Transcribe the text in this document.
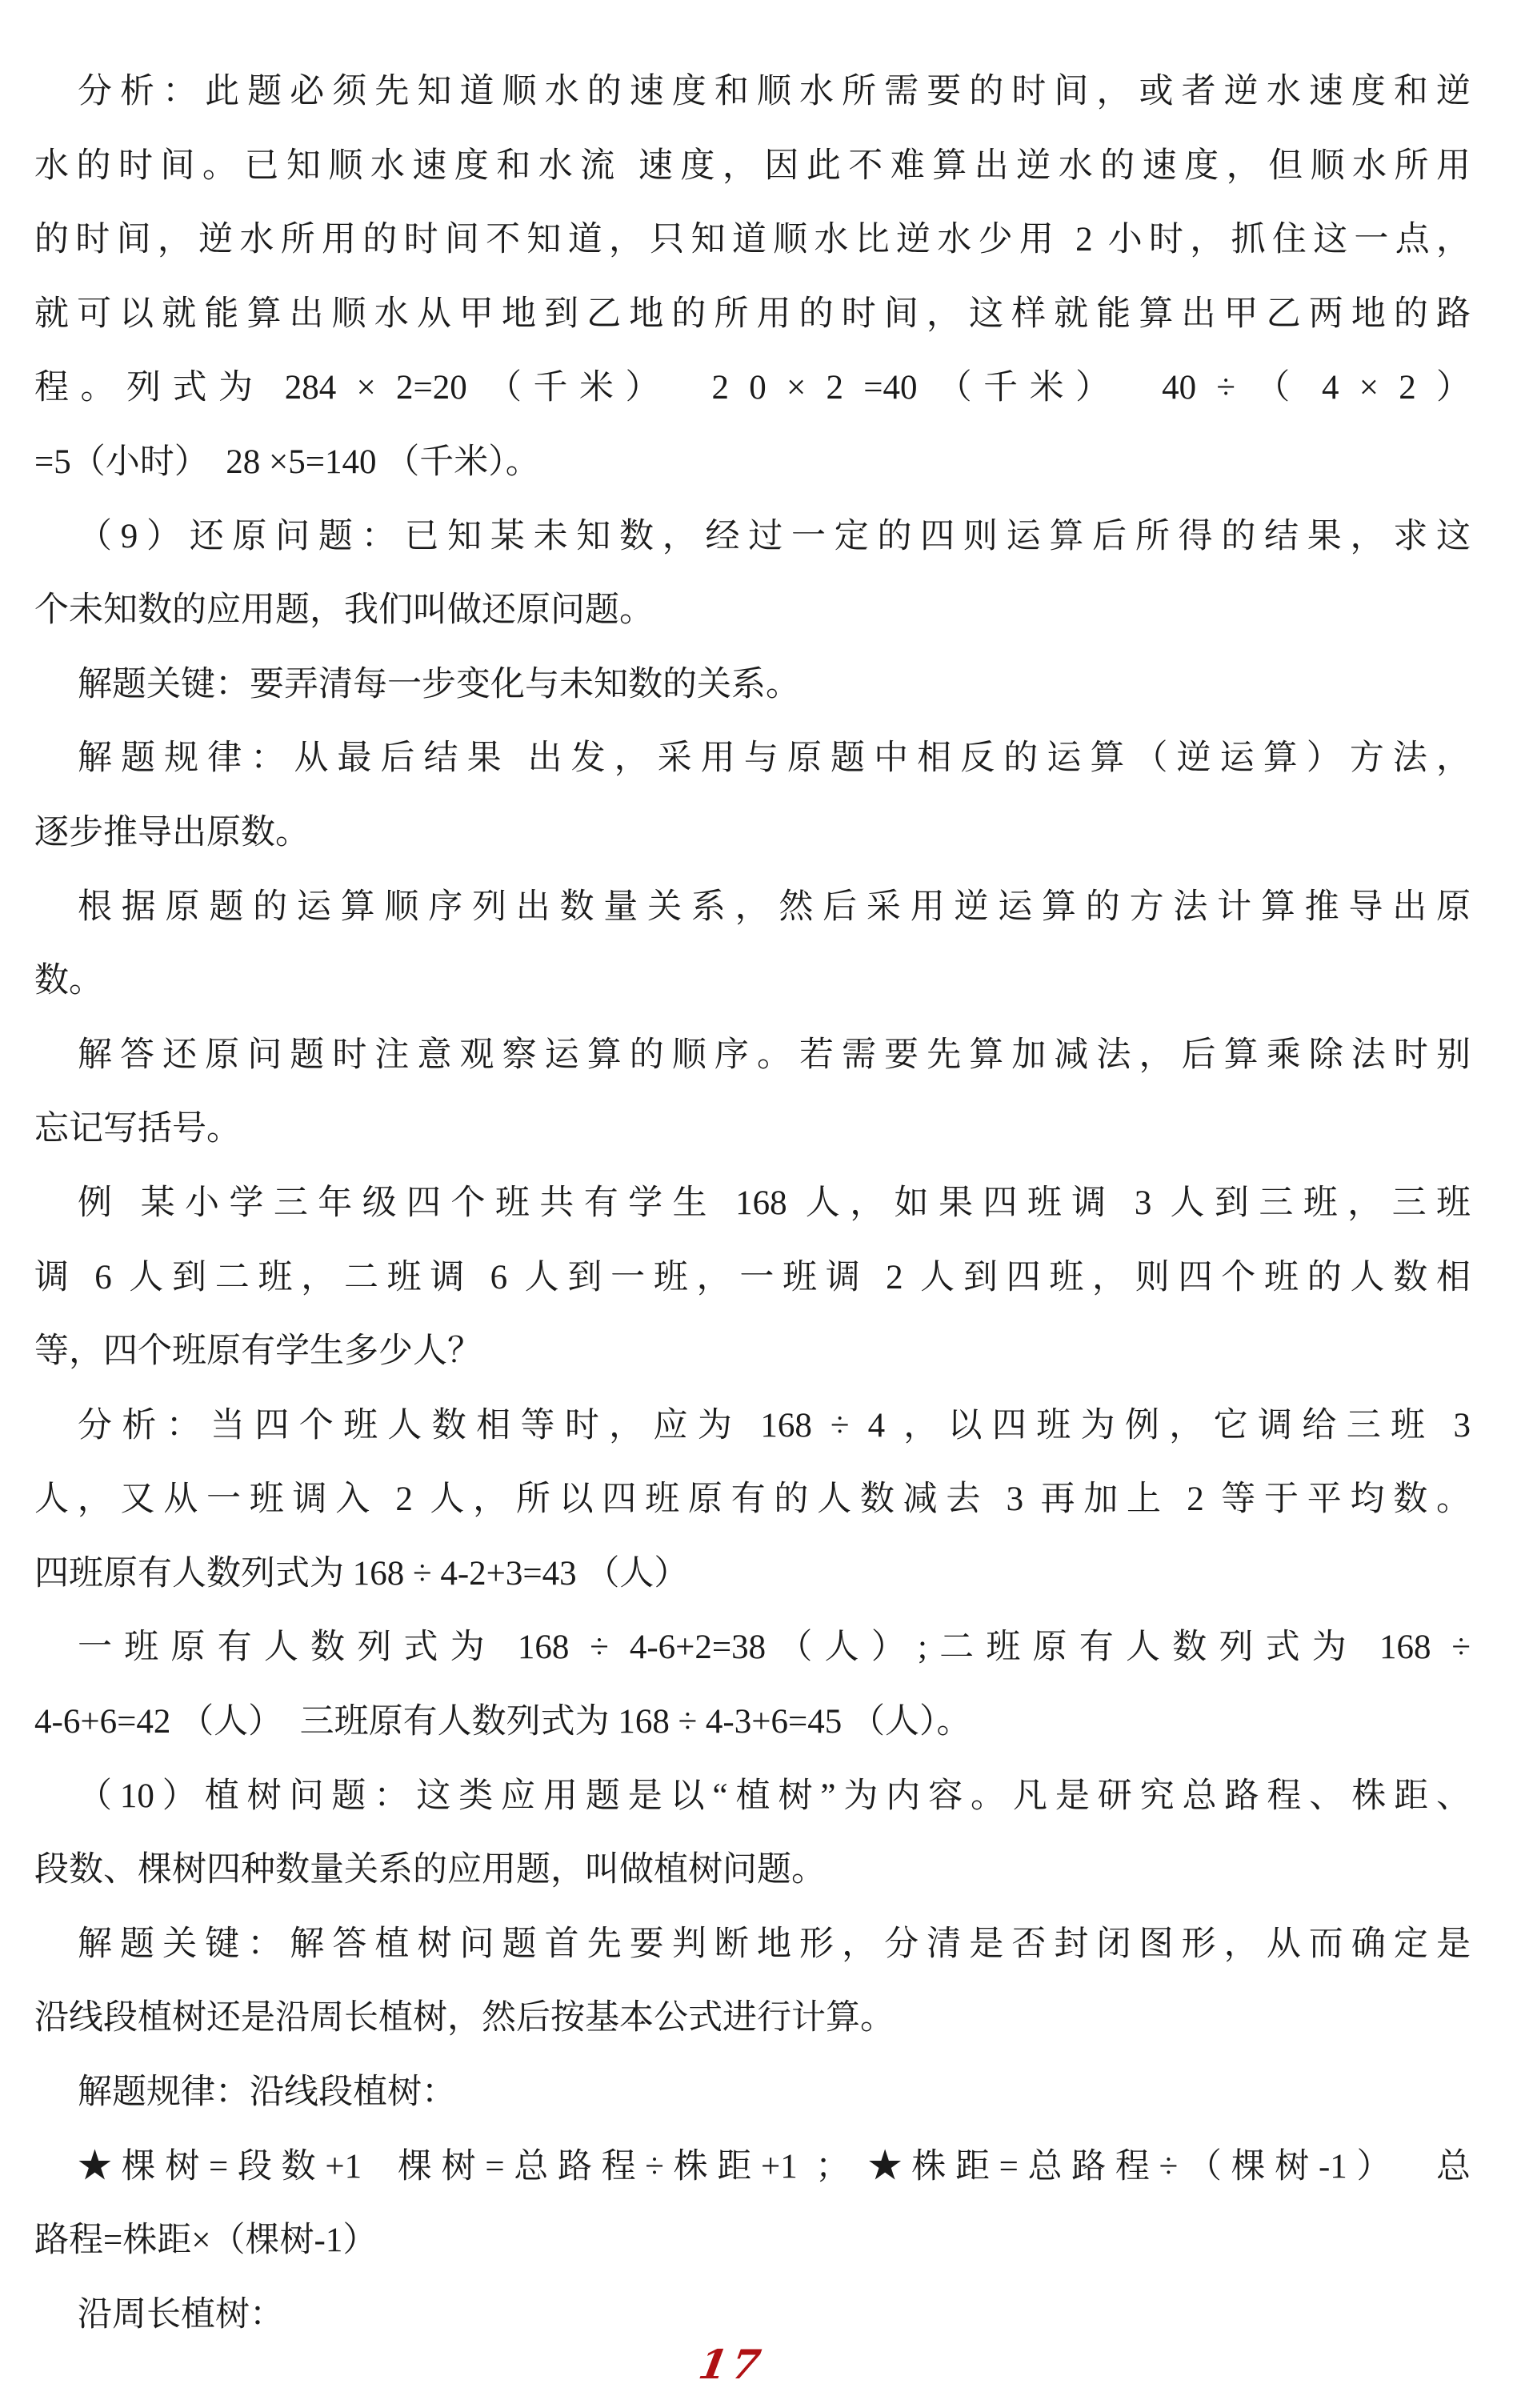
分析：此题必须先知道顺水的速度和顺水所需要的时间，或者逆水速度和逆
水的时间。已知顺水速度和水流 速度，因此不难算出逆水的速度，但顺水所用
的时间，逆水所用的时间不知道，只知道顺水比逆水少用 2 小时，抓住这一点，
就可以就能算出顺水从甲地到乙地的所用的时间，这样就能算出甲乙两地的路
程。列式为 284 × 2=20 （千米）  2 0 × 2 =40 （千米）  40 ÷ （ 4 × 2 ）
=5（小时）  28 ×5=140 （千米）。
（9）还原问题：已知某未知数，经过一定的四则运算后所得的结果，求这
个未知数的应用题，我们叫做还原问题。
解题关键：要弄清每一步变化与未知数的关系。
解题规律：从最后结果 出发，采用与原题中相反的运算（逆运算）方法，
逐步推导出原数。
根据原题的运算顺序列出数量关系，然后采用逆运算的方法计算推导出原
数。
解答还原问题时注意观察运算的顺序。若需要先算加减法，后算乘除法时别
忘记写括号。
例 某小学三年级四个班共有学生 168 人，如果四班调 3 人到三班，三班
调 6 人到二班，二班调 6 人到一班，一班调 2 人到四班，则四个班的人数相
等，四个班原有学生多少人？
分析：当四个班人数相等时，应为 168 ÷ 4 ，以四班为例，它调给三班 3
人，又从一班调入 2 人，所以四班原有的人数减去 3 再加上 2 等于平均数。
四班原有人数列式为 168 ÷ 4-2+3=43 （人）
一班原有人数列式为 168 ÷ 4-6+2=38（人）;二班原有人数列式为 168 ÷
4-6+6=42 （人）  三班原有人数列式为 168 ÷ 4-3+6=45 （人）。
（10）植树问题：这类应用题是以“植树”为内容。凡是研究总路程、株距、
段数、棵树四种数量关系的应用题，叫做植树问题。
解题关键：解答植树问题首先要判断地形，分清是否封闭图形，从而确定是
沿线段植树还是沿周长植树，然后按基本公式进行计算。
解题规律：沿线段植树：
★棵树=段数+1  棵树=总路程÷株距+1 ； ★株距=总路程÷（棵树-1）  总
路程=株距×（棵树-1）
沿周长植树：
17
